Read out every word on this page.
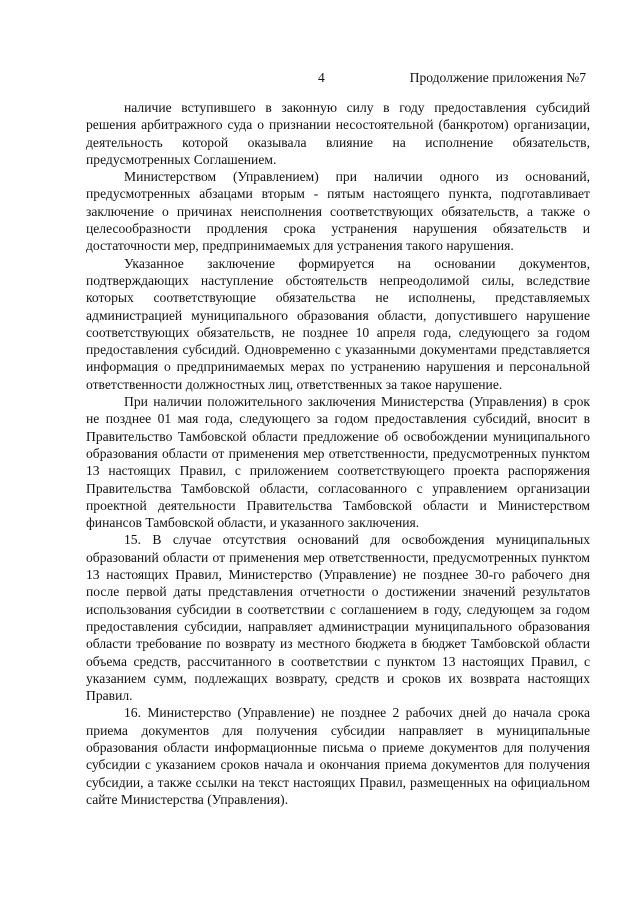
4	Продолжение приложения №7

наличие вступившего в законную силу в году предоставления субсидий решения арбитражного суда о признании несостоятельной (банкротом) организации, деятельность которой оказывала влияние на исполнение обязательств, предусмотренных Соглашением.

Министерством (Управлением) при наличии одного из оснований, предусмотренных абзацами вторым - пятым настоящего пункта, подготавливает заключение о причинах неисполнения соответствующих обязательств, а также о целесообразности продления срока устранения нарушения обязательств и достаточности мер, предпринимаемых для устранения такого нарушения.

Указанное заключение формируется на основании документов, подтверждающих наступление обстоятельств непреодолимой силы, вследствие которых соответствующие обязательства не исполнены, представляемых администрацией муниципального образования области, допустившего нарушение соответствующих обязательств, не позднее 10 апреля года, следующего за годом предоставления субсидий. Одновременно с указанными документами представляется информация о предпринимаемых мерах по устранению нарушения и персональной ответственности должностных лиц, ответственных за такое нарушение.

При наличии положительного заключения Министерства (Управления) в срок не позднее 01 мая года, следующего за годом предоставления субсидий, вносит в Правительство Тамбовской области предложение об освобождении муниципального образования области от применения мер ответственности, предусмотренных пунктом 13 настоящих Правил, с приложением соответствующего проекта распоряжения Правительства Тамбовской области, согласованного с управлением организации проектной деятельности Правительства Тамбовской области и Министерством финансов Тамбовской области, и указанного заключения.

15. В случае отсутствия оснований для освобождения муниципальных образований области от применения мер ответственности, предусмотренных пунктом 13 настоящих Правил, Министерство (Управление) не позднее 30-го рабочего дня после первой даты представления отчетности о достижении значений результатов использования субсидии в соответствии с соглашением в году, следующем за годом предоставления субсидии, направляет администрации муниципального образования области требование по возврату из местного бюджета в бюджет Тамбовской области объема средств, рассчитанного в соответствии с пунктом 13 настоящих Правил, с указанием сумм, подлежащих возврату, средств и сроков их возврата настоящих Правил.

16. Министерство (Управление) не позднее 2 рабочих дней до начала срока приема документов для получения субсидии направляет в муниципальные образования области информационные письма о приеме документов для получения субсидии с указанием сроков начала и окончания приема документов для получения субсидии, а также ссылки на текст настоящих Правил, размещенных на официальном сайте Министерства (Управления).
